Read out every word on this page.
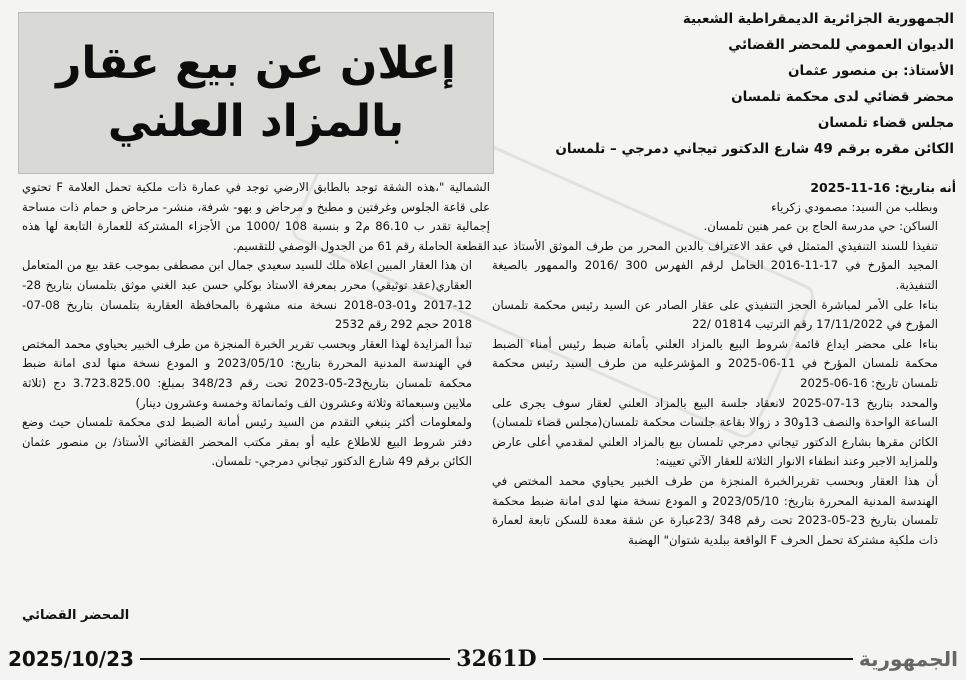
الجمهورية الجزائرية الديمقراطية الشعبية
الديوان العمومي للمحضر القضائي
الأستاذ: بن منصور عثمان
محضر قضائي لدى محكمة تلمسان
مجلس قضاء تلمسان
الكائن مقره برقم 49 شارع الدكتور تيجاني دمرجي – تلمسان
إعلان عن بيع عقار
بالمزاد العلني

أنه بتاريخ: 16-11-2025

وبطلب من السيد: مصمودي زكرياء

الساكن: حي مدرسة الحاج بن عمر هنين تلمسان.

تنفيذا للسند التنفيذي المتمثل في عقد الاعتراف بالدين المحرر من طرف الموثق الأستاذ عبد المجيد المؤرخ في 17-11-2016 الحامل لرقم الفهرس 300 /2016 والممهور بالصيغة التنفيذية.

بناءا على الأمر لمباشرة الحجز التنفيذي على عقار الصادر عن السيد رئيس محكمة تلمسان المؤرخ في 17/11/2022 رقم الترتيب 01814 /22

بناءا على محضر ايداع قائمة شروط البيع بالمزاد العلني بأمانة ضبط رئيس أمناء الضبط محكمة تلمسان المؤرخ في 11-06-2025 و المؤشرعليه من طرف السيد رئيس محكمة تلمسان تاريخ: 16-06-2025

والمحدد بتاريخ 13-07-2025 لانعقاد جلسة البيع بالمزاد العلني لعقار سوف يجرى على الساعة الواحدة والنصف 13و30 د زوالا بقاعة جلسات محكمة تلمسان(مجلس قضاء تلمسان) الكائن مقرها بشارع الدكتور تيجاني دمرجي تلمسان بيع بالمزاد العلني لمقدمي أعلى عارض وللمزايد الاجير وعند انطفاء الانوار الثلاثة للعقار الآتي تعيينه:

أن هذا العقار وبحسب تقريرالخبرة المنجزة من طرف الخبير يحياوي محمد المختص في الهندسة المدنية المحررة بتاريخ: 2023/05/10 و المودع نسخة منها لدى امانة ضبط محكمة تلمسان بتاريخ 23-05-2023 تحت رقم 348 /23عبارة عن شقة معدة للسكن تابعة لعمارة ذات ملكية مشتركة تحمل الحرف F الواقعة ببلدية شتوان" الهضبة

الشمالية "،هذه الشقة توجد بالطابق الارضي توجد في عمارة ذات ملكية تحمل العلامة F تحتوي على قاعة الجلوس وغرفتين و مطبخ و مرحاض و بهو- شرفة، منشر- مرحاض و حمام ذات مساحة إجمالية تقدر ب 86.10 م2 و بنسبة 108 /1000 من الأجزاء المشتركة للعمارة التابعة لها هذه القطعة الحاملة رقم 61 من الجدول الوصفي للتقسيم.

ان هذا العقار المبين اعلاه ملك للسيد سعيدي جمال ابن مصطفى بموجب عقد بيع من المتعامل العقاري(عقد توثيقي) محرر بمعرفة الاستاذ بوكلي حسن عبد الغني موثق بتلمسان بتاريخ 28-12-2017 و01-03-2018 نسخة منه مشهرة بالمحافظة العقارية بتلمسان بتاريخ 08-07-2018 حجم 292 رقم 2532

تبدأ المزايدة لهذا العقار وبحسب تقرير الخبرة المنجزة من طرف الخبير يحياوي محمد المختص في الهندسة المدنية المحررة بتاريخ: 2023/05/10 و المودع نسخة منها لدى امانة ضبط محكمة تلمسان بتاريخ23-05-2023 تحت رقم 348/23 بمبلغ: 3.723.825.00 دج (ثلاثة ملايين وسبعمائة وثلاثة وعشرون الف وثمانمائة وخمسة وعشرون دينار)

ولمعلومات أكثر ينبغي التقدم من السيد رئيس أمانة الضبط لدى محكمة تلمسان حيث وضع دفتر شروط البيع للاطلاع عليه أو بمقر مكتب المحضر القضائي الأستاذ/ بن منصور عثمان الكائن برقم 49 شارع الدكتور تيجاني دمرجي- تلمسان.

المحضر القضائي
2025/10/23	3261D	الجمهورية
